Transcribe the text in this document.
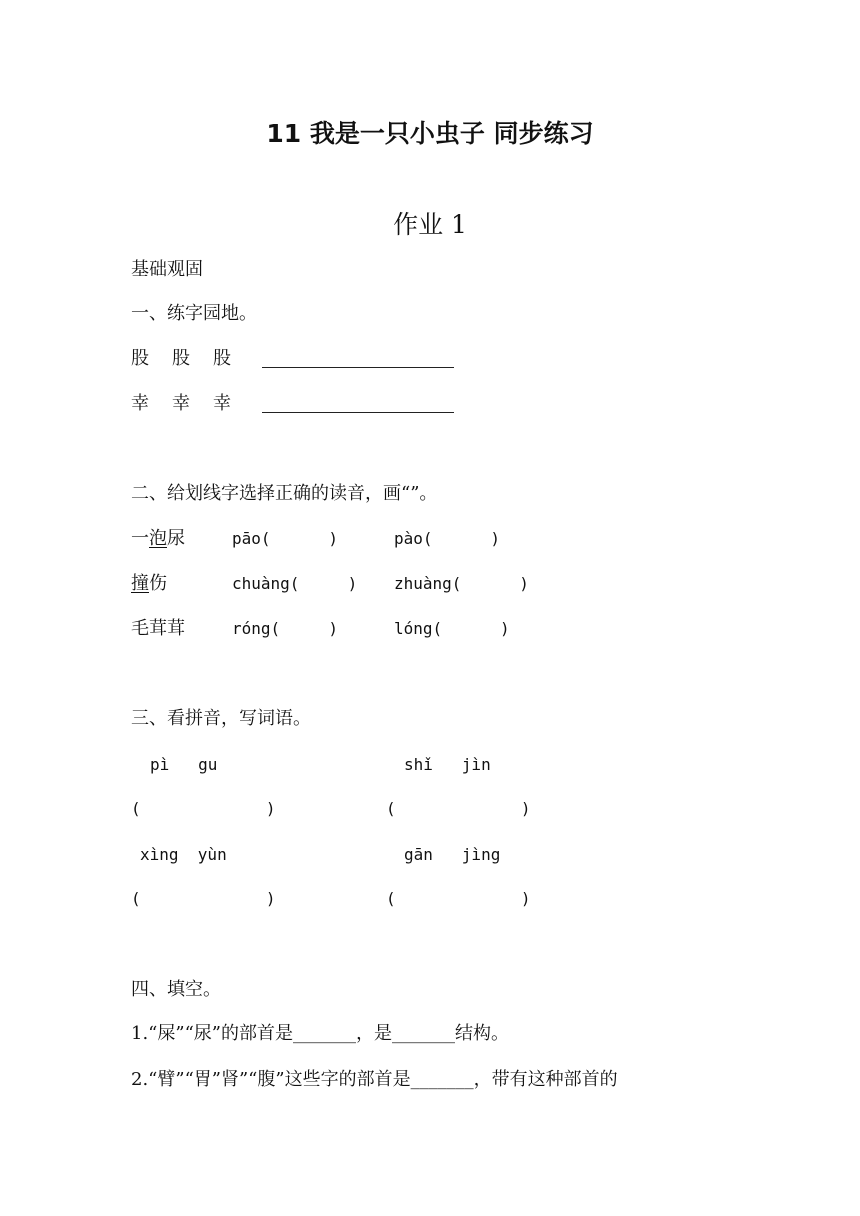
11 我是一只小虫子 同步练习
作业 1
基础观固
一、练字园地。
股 股 股
幸 幸 幸
二、给划线字选择正确的读音，画“”。
一泡尿	pāo(      )	pào(      )
撞伤	chuàng(     ) zhuàng(      )
毛茸茸	róng(     )	lóng(      )
三、看拼音，写词语。
pì   gu	shǐ   jìn
(             )	(             )
xìng  yùn	gān   jìng
(             )	(             )
四、填空。
1.“屎”“尿”的部首是_______，是_______结构。
2.“臂”“胃”肾”“腹”这些字的部首是_______，带有这种部首的
